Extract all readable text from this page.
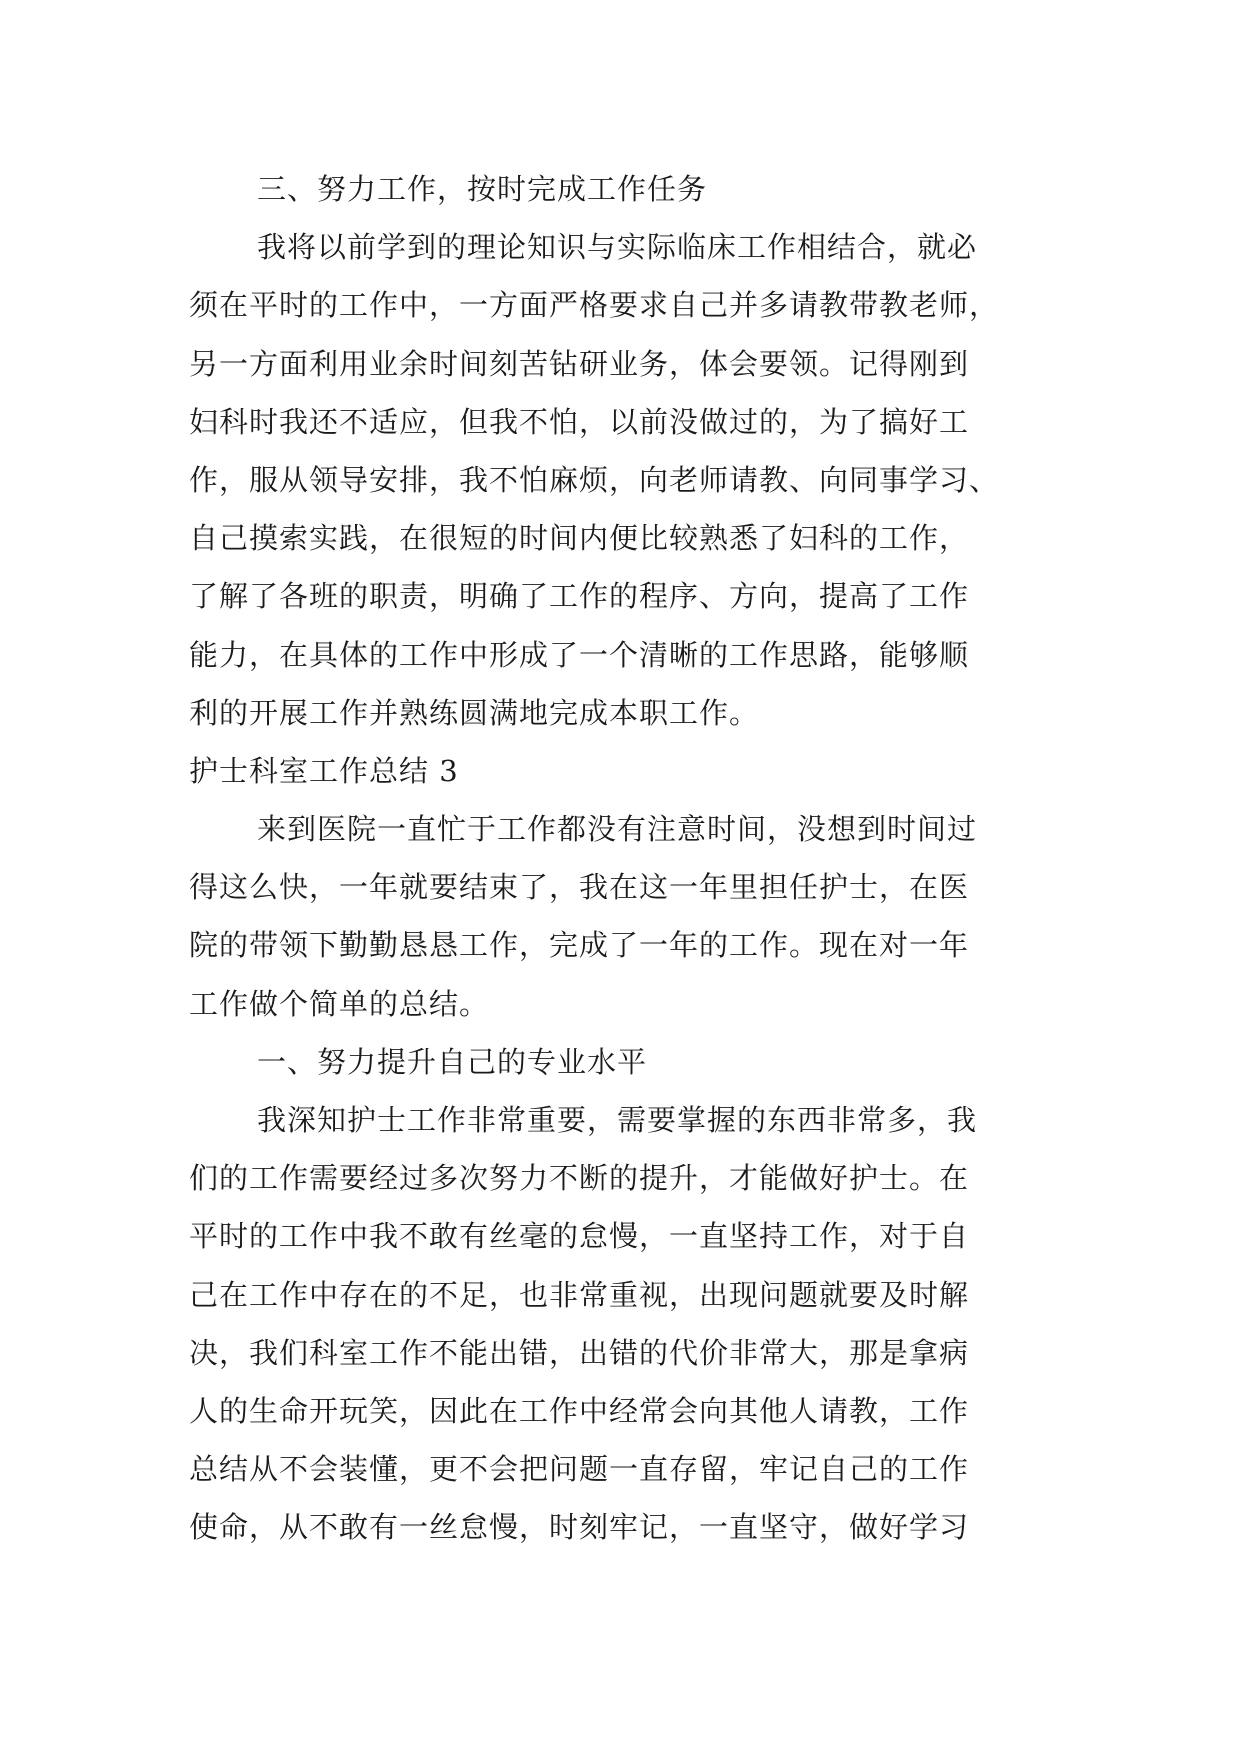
三、努力工作，按时完成工作任务
我将以前学到的理论知识与实际临床工作相结合，就必
须在平时的工作中，一方面严格要求自己并多请教带教老师，
另一方面利用业余时间刻苦钻研业务，体会要领。记得刚到
妇科时我还不适应，但我不怕，以前没做过的，为了搞好工
作，服从领导安排，我不怕麻烦，向老师请教、向同事学习、
自己摸索实践，在很短的时间内便比较熟悉了妇科的工作，
了解了各班的职责，明确了工作的程序、方向，提高了工作
能力，在具体的工作中形成了一个清晰的工作思路，能够顺
利的开展工作并熟练圆满地完成本职工作。
护士科室工作总结 3
来到医院一直忙于工作都没有注意时间，没想到时间过
得这么快，一年就要结束了，我在这一年里担任护士，在医
院的带领下勤勤恳恳工作，完成了一年的工作。现在对一年
工作做个简单的总结。
一、努力提升自己的专业水平
我深知护士工作非常重要，需要掌握的东西非常多，我
们的工作需要经过多次努力不断的提升，才能做好护士。在
平时的工作中我不敢有丝毫的怠慢，一直坚持工作，对于自
己在工作中存在的不足，也非常重视，出现问题就要及时解
决，我们科室工作不能出错，出错的代价非常大，那是拿病
人的生命开玩笑，因此在工作中经常会向其他人请教，工作
总结从不会装懂，更不会把问题一直存留，牢记自己的工作
使命，从不敢有一丝怠慢，时刻牢记，一直坚守，做好学习
